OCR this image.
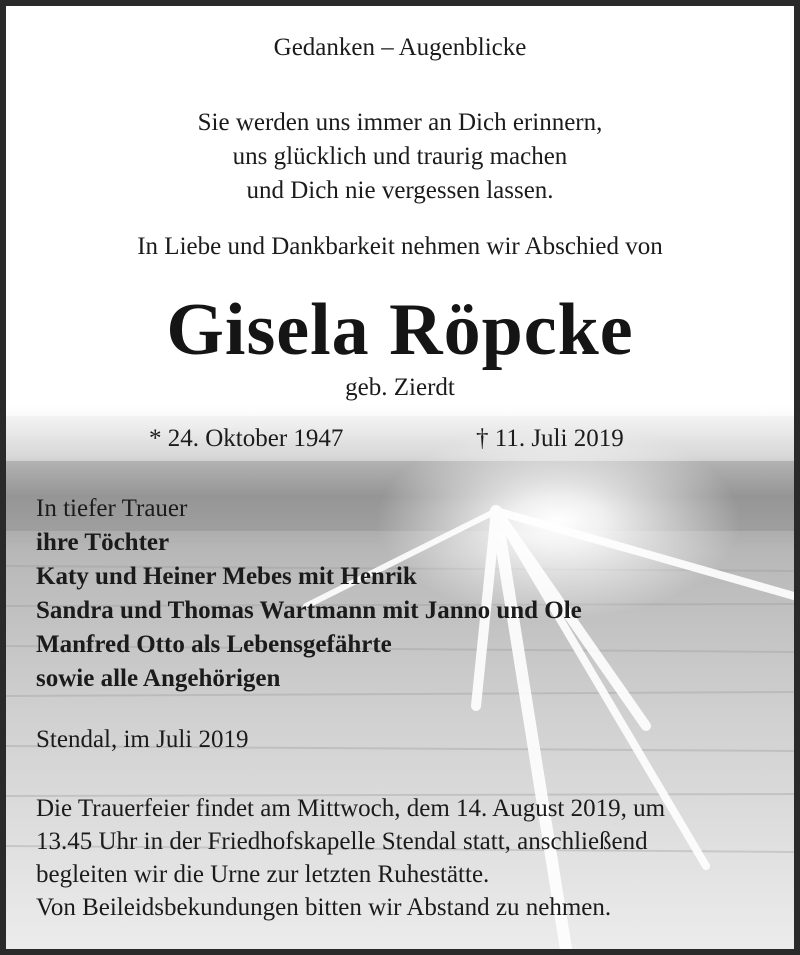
Gedanken – Augenblicke
Sie werden uns immer an Dich erinnern,
uns glücklich und traurig machen
und Dich nie vergessen lassen.
In Liebe und Dankbarkeit nehmen wir Abschied von
Gisela Röpcke
geb. Zierdt
* 24. Oktober 1947	† 11. Juli 2019
In tiefer Trauer
ihre Töchter
Katy und Heiner Mebes mit Henrik
Sandra und Thomas Wartmann mit Janno und Ole
Manfred Otto als Lebensgefährte
sowie alle Angehörigen
Stendal, im Juli 2019

Die Trauerfeier findet am Mittwoch, dem 14. August 2019, um

13.45 Uhr in der Friedhofskapelle Stendal statt, anschließend

begleiten wir die Urne zur letzten Ruhestätte.

Von Beileidsbekundungen bitten wir Abstand zu nehmen.
